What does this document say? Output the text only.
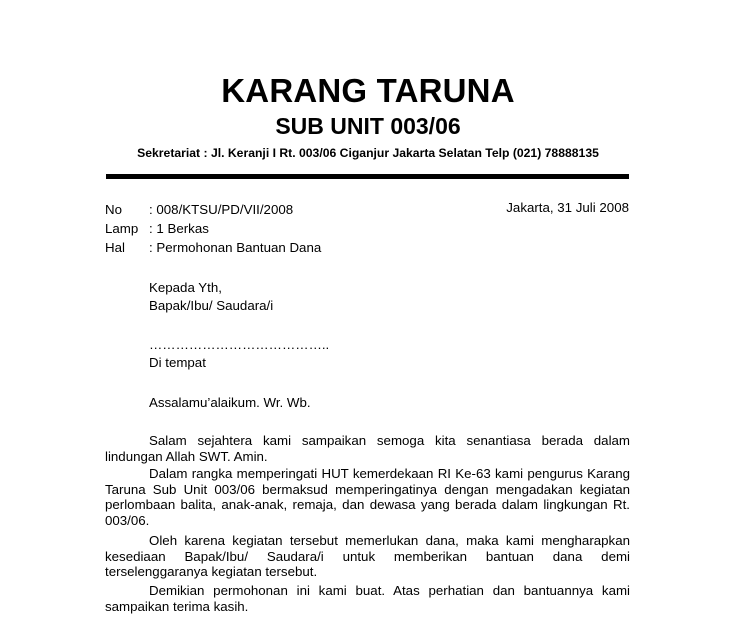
KARANG TARUNA
SUB UNIT 003/06
Sekretariat : Jl. Keranji I Rt. 003/06 Ciganjur Jakarta Selatan Telp (021) 78888135
No : 008/KTSU/PD/VII/2008
Lamp : 1 Berkas
Hal : Permohonan Bantuan Dana
Jakarta, 31 Juli 2008
Kepada Yth,
Bapak/Ibu/ Saudara/i
…………………………………..
Di tempat
Assalamu’alaikum. Wr. Wb.
Salam sejahtera kami sampaikan semoga kita senantiasa berada dalam lindungan Allah SWT. Amin.
Dalam rangka memperingati HUT kemerdekaan RI Ke-63 kami pengurus Karang Taruna Sub Unit 003/06 bermaksud memperingatinya dengan mengadakan kegiatan perlombaan balita, anak-anak, remaja, dan dewasa yang berada dalam lingkungan Rt. 003/06.
Oleh karena kegiatan tersebut memerlukan dana, maka kami mengharapkan kesediaan Bapak/Ibu/ Saudara/i untuk memberikan bantuan dana demi terselenggaranya kegiatan tersebut.
Demikian permohonan ini kami buat. Atas perhatian dan bantuannya kami sampaikan terima kasih.
